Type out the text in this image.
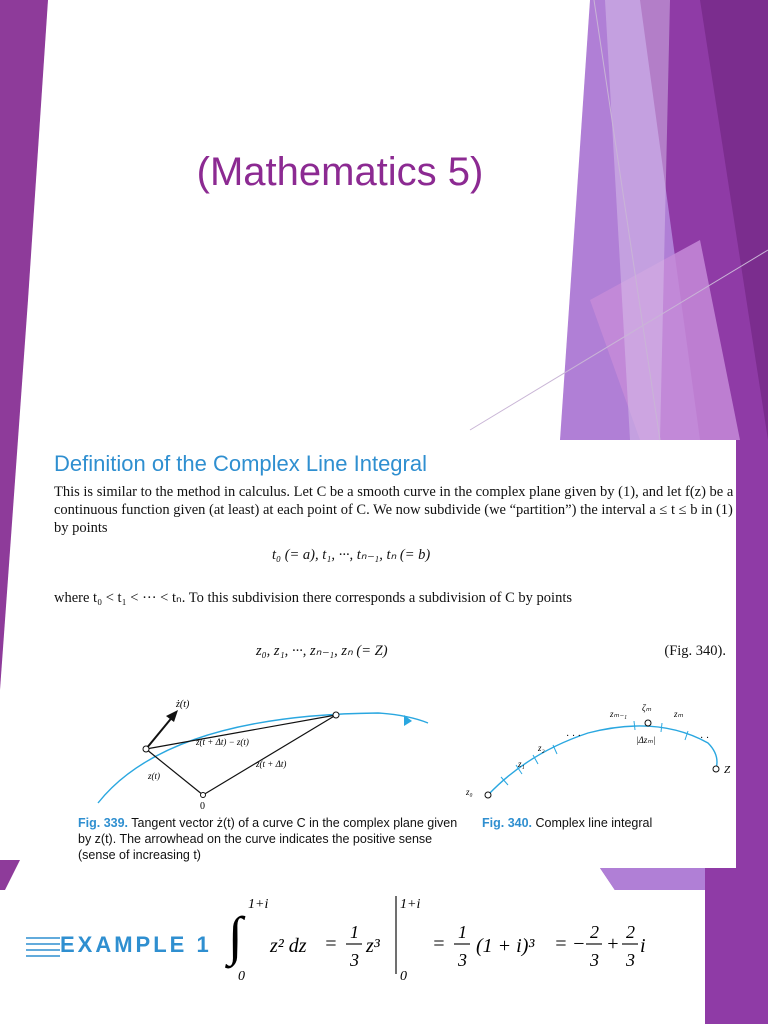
(Mathematics 5)
Definition of the Complex Line Integral

This is similar to the method in calculus. Let C be a smooth curve in the complex plane given by (1), and let f(z) be a continuous function given (at least) at each point of C. We now subdivide (we “partition”) the interval a ≤ t ≤ b in (1) by points

t₀ (= a), t₁, ···, tₙ₋₁, tₙ (= b)

where t₀ < t₁ < ··· < tₙ. To this subdivision there corresponds a subdivision of C by points

z₀, z₁, ···, zₙ₋₁, zₙ (= Z)	(Fig. 340).
ż(t)
z(t + Δt) − z(t)
z(t + Δt)
z(t)
0
· · ·	· ·
zₘ₋₁
ζₘ
zₘ
|Δzₘ|
z₂
z₁
z₀
Z
Fig. 339. Tangent vector ż(t) of a curve C in the complex plane given by z(t). The arrowhead on the curve indicates the positive sense (sense of increasing t)
Fig. 340. Complex line integral
EXAMPLE 1 ∫
1+i
0
z² dz =
1
3
z³
1+i
0
=
1
3
(1 + i)³ = −
2
3
+
2
3
i
